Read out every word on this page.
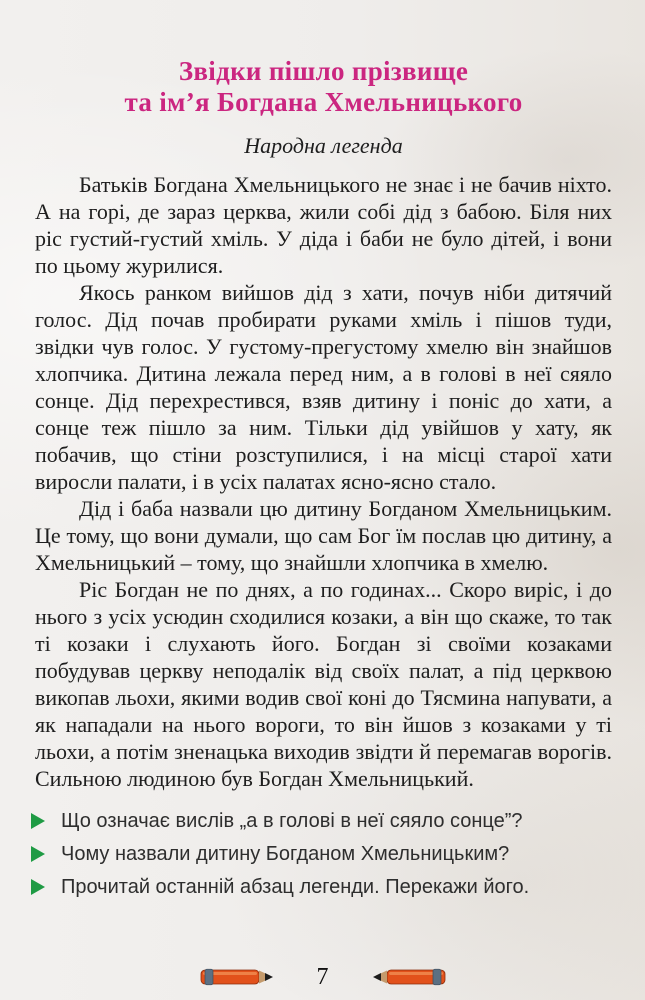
Звідки пішло прізвище
та ім’я Богдана Хмельницького
Народна легенда

Батьків Богдана Хмельницького не знає і не бачив ніхто. А на горі, де зараз церква, жили собі дід з бабою. Біля них ріс густий-густий хміль. У діда і баби не було дітей, і вони по цьому журилися.

Якось ранком вийшов дід з хати, почув ніби дитячий голос. Дід почав пробирати руками хміль і пішов туди, звідки чув голос. У густому-прегустому хмелю він знайшов хлопчика. Дитина лежала перед ним, а в голові в неї сяяло сонце. Дід перехрестився, взяв дитину і поніс до хати, а сонце теж пішло за ним. Тільки дід увійшов у хату, як побачив, що стіни розступилися, і на місці старої хати виросли палати, і в усіх палатах ясно-ясно стало.

Дід і баба назвали цю дитину Богданом Хмельницьким. Це тому, що вони думали, що сам Бог їм послав цю дитину, а Хмельницький – тому, що знайшли хлопчика в хмелю.

Ріс Богдан не по днях, а по годинах... Скоро виріс, і до нього з усіх усюдин сходилися козаки, а він що скаже, то так ті козаки і слухають його. Богдан зі своїми козаками побудував церкву неподалік від своїх палат, а під церквою викопав льохи, якими водив свої коні до Тясмина напувати, а як нападали на нього вороги, то він йшов з козаками у ті льохи, а потім зненацька виходив звідти й перемагав ворогів. Сильною людиною був Богдан Хмельницький.

Що означає вислів „а в голові в неї сяяло сонце”?
Чому назвали дитину Богданом Хмельницьким?
Прочитай останній абзац легенди. Перекажи його.
7
